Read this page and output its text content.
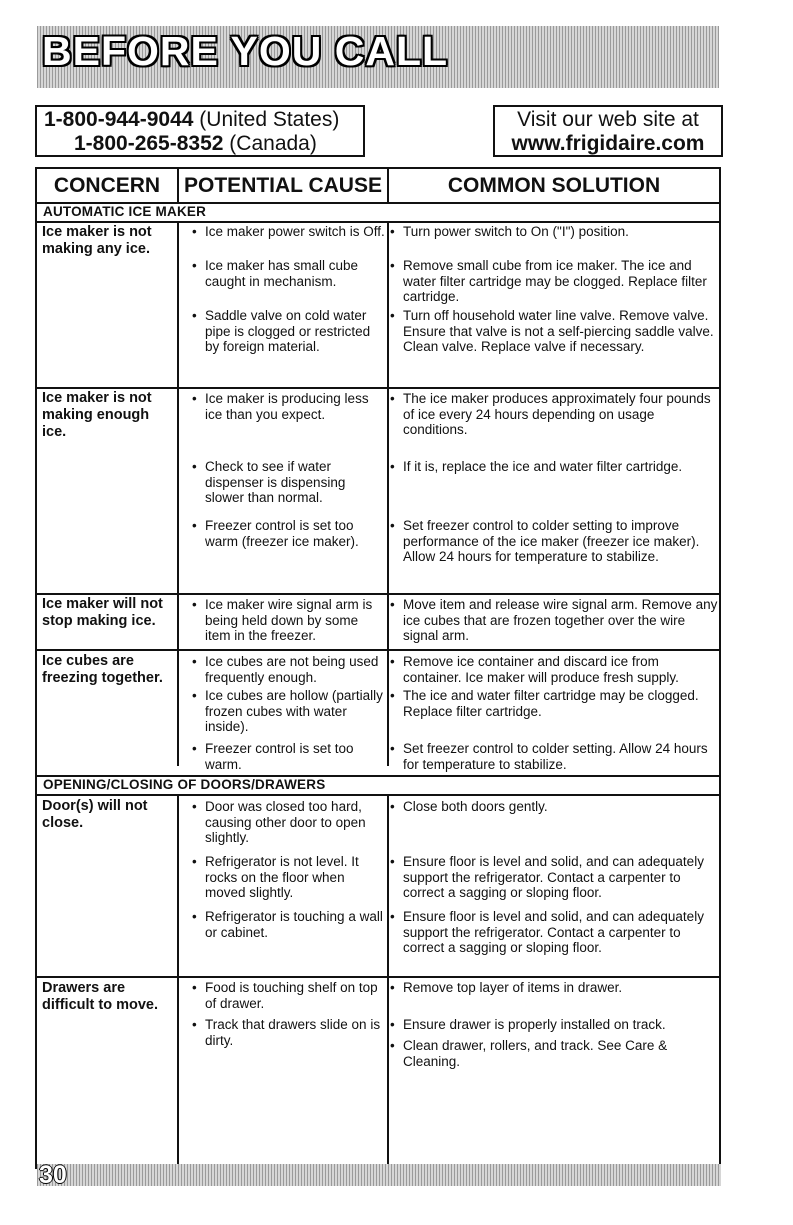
BEFORE YOU CALL
1-800-944-9044 (United States)
1-800-265-8352 (Canada)
Visit our web site at
www.frigidaire.com
CONCERN	POTENTIAL CAUSE	COMMON SOLUTION
AUTOMATIC ICE MAKER
Ice maker is not making any ice.
• Ice maker power switch is Off.
• Ice maker has small cube caught in mechanism.
• Saddle valve on cold water pipe is clogged or restricted by foreign material.
• Turn power switch to On ("I") position.
• Remove small cube from ice maker. The ice and water filter cartridge may be clogged. Replace filter cartridge.
• Turn off household water line valve. Remove valve. Ensure that valve is not a self-piercing saddle valve. Clean valve. Replace valve if necessary.
Ice maker is not making enough ice.
• Ice maker is producing less ice than you expect.
• Check to see if water dispenser is dispensing slower than normal.
• Freezer control is set too warm (freezer ice maker).
• The ice maker produces approximately four pounds of ice every 24 hours depending on usage conditions.
• If it is, replace the ice and water filter cartridge.
• Set freezer control to colder setting to improve performance of the ice maker (freezer ice maker). Allow 24 hours for temperature to stabilize.
Ice maker will not stop making ice.
• Ice maker wire signal arm is being held down by some item in the freezer.
• Move item and release wire signal arm. Remove any ice cubes that are frozen together over the wire signal arm.
Ice cubes are freezing together.
• Ice cubes are not being used frequently enough.
• Ice cubes are hollow (partially frozen cubes with water inside).
• Freezer control is set too warm.
• Remove ice container and discard ice from container. Ice maker will produce fresh supply.
• The ice and water filter cartridge may be clogged. Replace filter cartridge.
• Set freezer control to colder setting. Allow 24 hours for temperature to stabilize.
OPENING/CLOSING OF DOORS/DRAWERS
Door(s) will not close.
• Door was closed too hard, causing other door to open slightly.
• Refrigerator is not level. It rocks on the floor when moved slightly.
• Refrigerator is touching a wall or cabinet.
• Close both doors gently.
• Ensure floor is level and solid, and can adequately support the refrigerator. Contact a carpenter to correct a sagging or sloping floor.
• Ensure floor is level and solid, and can adequately support the refrigerator. Contact a carpenter to correct a sagging or sloping floor.
Drawers are difficult to move.
• Food is touching shelf on top of drawer.
• Track that drawers slide on is dirty.
• Remove top layer of items in drawer.
• Ensure drawer is properly installed on track.
• Clean drawer, rollers, and track. See Care & Cleaning.
30
